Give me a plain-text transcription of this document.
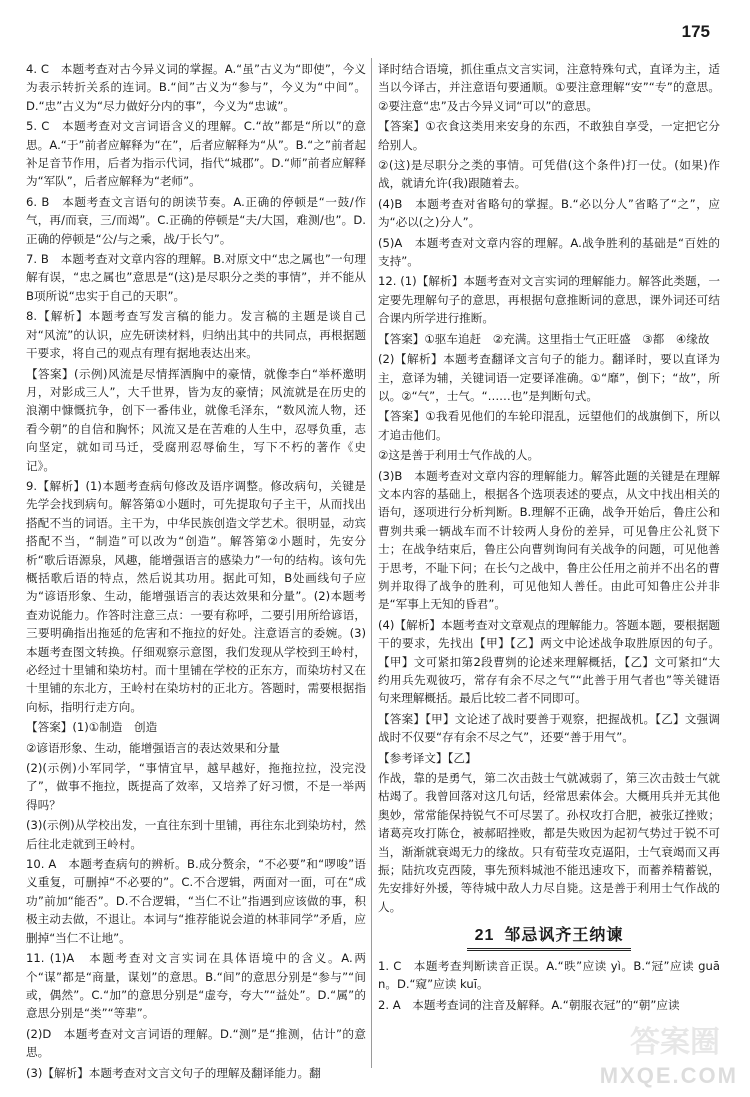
175

4. C　本题考查对古今异义词的掌握。A.“虽”古义为“即使”，今义为表示转折关系的连词。B.“间”古义为“参与”，今义为“中间”。D.“忠”古义为“尽力做好分内的事”，今义为“忠诚”。

5. C　本题考查对文言词语含义的理解。C.“故”都是“所以”的意思。A.“于”前者应解释为“在”，后者应解释为“从”。B.“之”前者起补足音节作用，后者为指示代词，指代“城郡”。D.“师”前者应解释为“军队”，后者应解释为“老师”。

6. B　本题考查文言语句的朗读节奏。A.正确的停顿是“一鼓/作气，再/而衰，三/而竭”。C.正确的停顿是“夫/大国，难测/也”。D.正确的停顿是“公/与之乘，战/于长勺”。

7. B　本题考查对文章内容的理解。B.对原文中“忠之属也”一句理解有误，“忠之属也”意思是“(这)是尽职分之类的事情”，并不能从B项所说“忠实于自己的天职”。

8.【解析】本题考查写发言稿的能力。发言稿的主题是谈自己对“风流”的认识，应先研读材料，归纳出其中的共同点，再根据题干要求，将自己的观点有理有据地表达出来。

【答案】(示例)风流是尽情挥洒胸中的豪情，就像李白“举杯邀明月，对影成三人”，大千世界，皆为友的豪情；风流就是在历史的浪潮中慷慨抗争，创下一番伟业，就像毛泽东，“数风流人物，还看今朝”的自信和胸怀；风流又是在苦难的人生中，忍辱负重，志向坚定，就如司马迁，受腐刑忍辱偷生，写下不朽的著作《史记》。

9.【解析】(1)本题考查病句修改及语序调整。修改病句，关键是先学会找到病句。解答第①小题时，可先提取句子主干，从而找出搭配不当的词语。主干为，中华民族创造文学艺术。很明显，动宾搭配不当，“制造”可以改为“创造”。解答第②小题时，先安分析“歌后语源泉，风趣，能增强语言的感染力”一句的结构。该句先概括歌后语的特点，然后说其功用。据此可知，B处画线句子应为“谚语形象、生动，能增强语言的表达效果和分量”。(2)本题考查劝说能力。作答时注意三点：一要有称呼，二要引用所给谚语，三要明确指出拖延的危害和不拖拉的好处。注意语言的委婉。(3)本题考查图文转换。仔细观察示意图，我们发现从学校到王岭村，必经过十里铺和染坊村。而十里铺在学校的正东方，而染坊村又在十里铺的东北方，王岭村在染坊村的正北方。答题时，需要根据指向标，指明行走方向。

【答案】(1)①制造　创造

②谚语形象、生动，能增强语言的表达效果和分量

(2)(示例)小军同学，“事情宜早，越早越好，拖拖拉拉，没完没了”，做事不拖拉，既提高了效率，又培养了好习惯，不是一举两得吗？

(3)(示例)从学校出发，一直往东到十里铺，再往东北到染坊村，然后往北走就到王岭村。

10. A　本题考查病句的辨析。B.成分赘余，“不必要”和“啰唆”语义重复，可删掉“不必要的”。C.不合逻辑，两面对一面，可在“成功”前加“能否”。D.不合逻辑，“当仁不让”指遇到应该做的事，积极主动去做，不退让。本词与“推荐能说会道的林菲同学”矛盾，应删掉“当仁不让地”。

11. (1)A　本题考查对文言实词在具体语境中的含义。A.两个“谋”都是“商量，谋划”的意思。B.“间”的意思分别是“参与”“间或，偶然”。C.“加”的意思分别是“虚夸，夸大”“益处”。D.“属”的意思分别是“类”“等辈”。

(2)D　本题考查对文言词语的理解。D.“测”是“推测，估计”的意思。

(3)【解析】本题考查对文言文句子的理解及翻译能力。翻

译时结合语境，抓住重点文言实词，注意特殊句式，直译为主，适当以今译古，并注意语句要通顺。①要注意理解“安”“专”的意思。②要注意“忠”及古今异义词“可以”的意思。

【答案】①衣食这类用来安身的东西，不敢独自享受，一定把它分给别人。

②(这)是尽职分之类的事情。可凭借(这个条件)打一仗。(如果)作战，就请允许(我)跟随着去。

(4)B　本题考查对省略句的掌握。B.“必以分人”省略了“之”，应为“必以(之)分人”。

(5)A　本题考查对文章内容的理解。A.战争胜利的基础是“百姓的支持”。

12. (1)【解析】本题考查对文言实词的理解能力。解答此类题，一定要先理解句子的意思，再根据句意推断词的意思，课外词还可结合课内所学进行推断。

【答案】①驱车追赶　②充满。这里指士气正旺盛　③都　④缘故

(2)【解析】本题考查翻译文言句子的能力。翻译时，要以直译为主，意译为辅，关键词语一定要译准确。①“靡”，倒下；“故”，所以。②“气”，士气。“……也”是判断句式。

【答案】①我看见他们的车轮印混乱，远望他们的战旗倒下，所以才追击他们。

②这是善于利用士气作战的人。

(3)B　本题考查对文章内容的理解能力。解答此题的关键是在理解文本内容的基础上，根据各个选项表述的要点，从文中找出相关的语句，逐项进行分析判断。B.理解不正确，战争开始后，鲁庄公和曹刿共乘一辆战车而不计较两人身份的差异，可见鲁庄公礼贤下士；在战争结束后，鲁庄公向曹刿询问有关战争的问题，可见他善于思考，不耻下问；在长勺之战中，鲁庄公任用之前并不出名的曹刿并取得了战争的胜利，可见他知人善任。由此可知鲁庄公并非是“军事上无知的昏君”。

(4)【解析】本题考查对文章观点的理解能力。答题本题，要根据题干的要求，先找出【甲】【乙】两文中论述战争取胜原因的句子。【甲】文可紧扣第2段曹刿的论述来理解概括，【乙】文可紧扣“大约用兵先观彼巧，常存有余不尽之气”“此善于用气者也”等关键语句来理解概括。最后比较二者不同即可。

【答案】【甲】文论述了战时要善于观察，把握战机。【乙】文强调战时不仅要“存有余不尽之气”，还要“善于用气”。

【参考译文】【乙】

作战，靠的是勇气，第二次击鼓士气就减弱了，第三次击鼓士气就枯竭了。我曾回落对这几句话，经常思索体会。大概用兵并无其他奥妙，常常能保持锐气不可尽罢了。孙权攻打合肥，被张辽挫败；诸葛亮攻打陈仓，被郝昭挫败，都是失败因为起初气势过于锐不可当，渐渐就衰竭无力的缘故。只有荀莹攻克逼阳，士气衰竭而又再振；陆抗攻克西陵，事先预料城池不能迅速攻下，而蓄养精蓄锐，先安排好外援，等待城中敌人力尽自毙。这是善于利用士气作战的人。

21 邹忌讽齐王纳谏

1. C　本题考查判断读音正误。A.“昳”应读 yì。B.“冠”应读 guān。D.“窥”应读 kuī。

2. A　本题考查词的注音及解释。A.“朝服衣冠”的“朝”应读

答案圈
MXQE.COM
